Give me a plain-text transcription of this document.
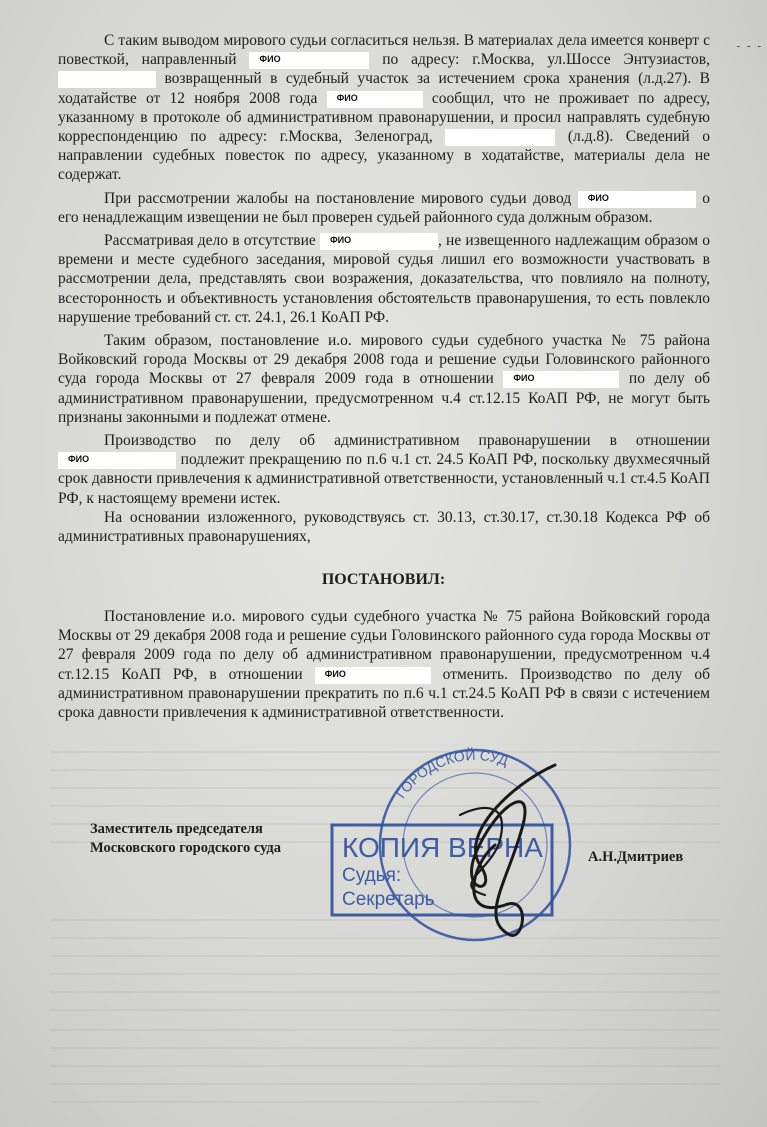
- - -

С таким выводом мирового судьи согласиться нельзя. В материалах дела имеется конверт с повесткой, направленный ФИО	по адресу: г.Москва, ул.Шоссе Энтузиастов,  возвращенный в судебный участок за истечением срока хранения (л.д.27). В ходатайстве от 12 ноября 2008 года ФИО	сообщил, что не проживает по адресу, указанному в протоколе об административном правонарушении, и просил направлять судебную корреспонденцию по адресу: г.Москва, Зеленоград,	(л.д.8). Сведений о направлении судебных повесток по адресу, указанному в ходатайстве, материалы дела не содержат.

При рассмотрении жалобы на постановление мирового судьи довод ФИО	о его ненадлежащим извещении не был проверен судьей районного суда должным образом.

Рассматривая дело в отсутствие ФИО	, не извещенного надлежащим образом о времени и месте судебного заседания, мировой судья лишил его возможности участвовать в рассмотрении дела, представлять свои возражения, доказательства, что повлияло на полноту, всесторонность и объективность установления обстоятельств правонарушения, то есть повлекло нарушение требований ст. ст. 24.1, 26.1 КоАП РФ.

Таким образом, постановление и.о. мирового судьи судебного участка № 75 района Войковский города Москвы от 29 декабря 2008 года и решение судьи Головинского районного суда города Москвы от 27 февраля 2009 года в отношении ФИО	по делу об административном правонарушении, предусмотренном ч.4 ст.12.15 КоАП РФ, не могут быть признаны законными и подлежат отмене.

Производство по делу об административном правонарушении в отношении ФИО	подлежит прекращению по п.6 ч.1 ст. 24.5 КоАП РФ, поскольку двухмесячный срок давности привлечения к административной ответственности, установленный ч.1 ст.4.5 КоАП РФ, к настоящему времени истек.

На основании изложенного, руководствуясь ст. 30.13, ст.30.17, ст.30.18 Кодекса РФ об административных правонарушениях,

ПОСТАНОВИЛ:

Постановление и.о. мирового судьи судебного участка № 75 района Войковский города Москвы от 29 декабря 2008 года и решение судьи Головинского районного суда города Москвы от 27 февраля 2009 года по делу об административном правонарушении, предусмотренном ч.4 ст.12.15 КоАП РФ, в отношении ФИО	отменить. Производство по делу об административном правонарушении прекратить по п.6 ч.1 ст.24.5 КоАП РФ в связи с истечением срока давности привлечения к административной ответственности.

Заместитель председателя
Московского городского суда
А.Н.Дмитриев
ГОРОДСКОЙ СУД
КОПИЯ ВЕРНА
Судья:
Секретарь
